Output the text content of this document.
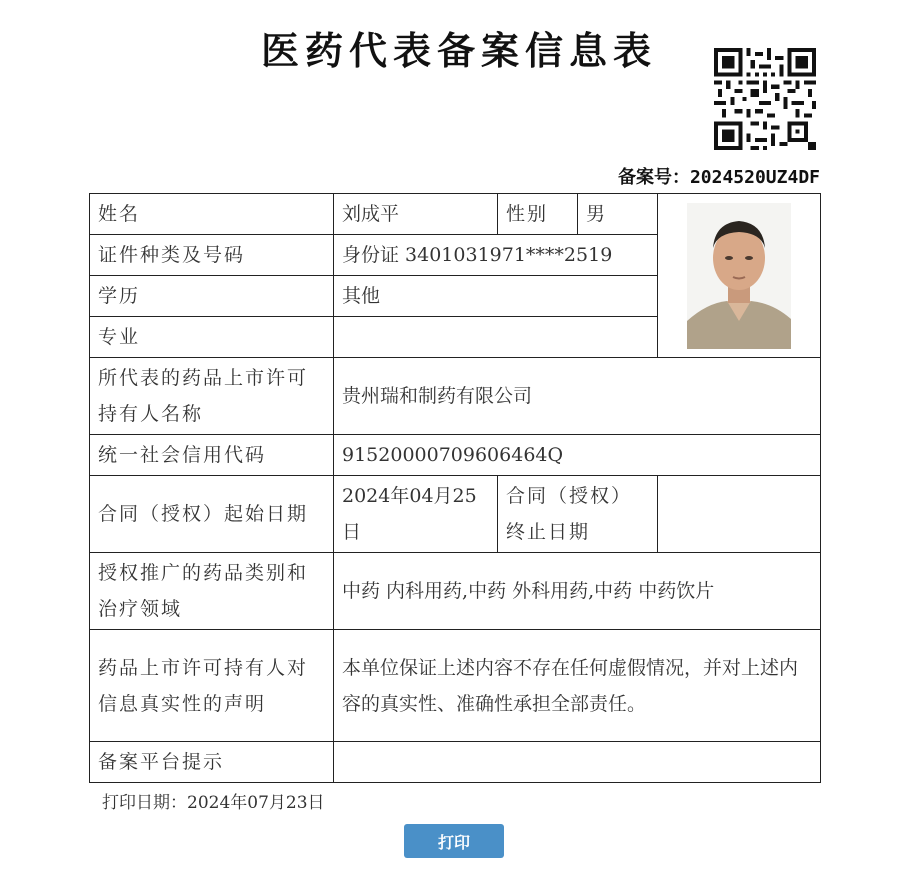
医药代表备案信息表
备案号：2024520UZ4DF
姓名	刘成平	性别	男	

证件种类及号码	身份证 3401031971****2519			
学历	其他			
专业				
所代表的药品上市许可持有人名称	贵州瑞和制药有限公司			
统一社会信用代码	91520000709606464Q			
合同（授权）起始日期	2024年04月25日	合同（授权）终止日期		
授权推广的药品类别和治疗领域	中药 内科用药,中药 外科用药,中药 中药饮片			
药品上市许可持有人对信息真实性的声明	本单位保证上述内容不存在任何虚假情况，并对上述内容的真实性、准确性承担全部责任。			
备案平台提示				
打印日期：2024年07月23日
打印
